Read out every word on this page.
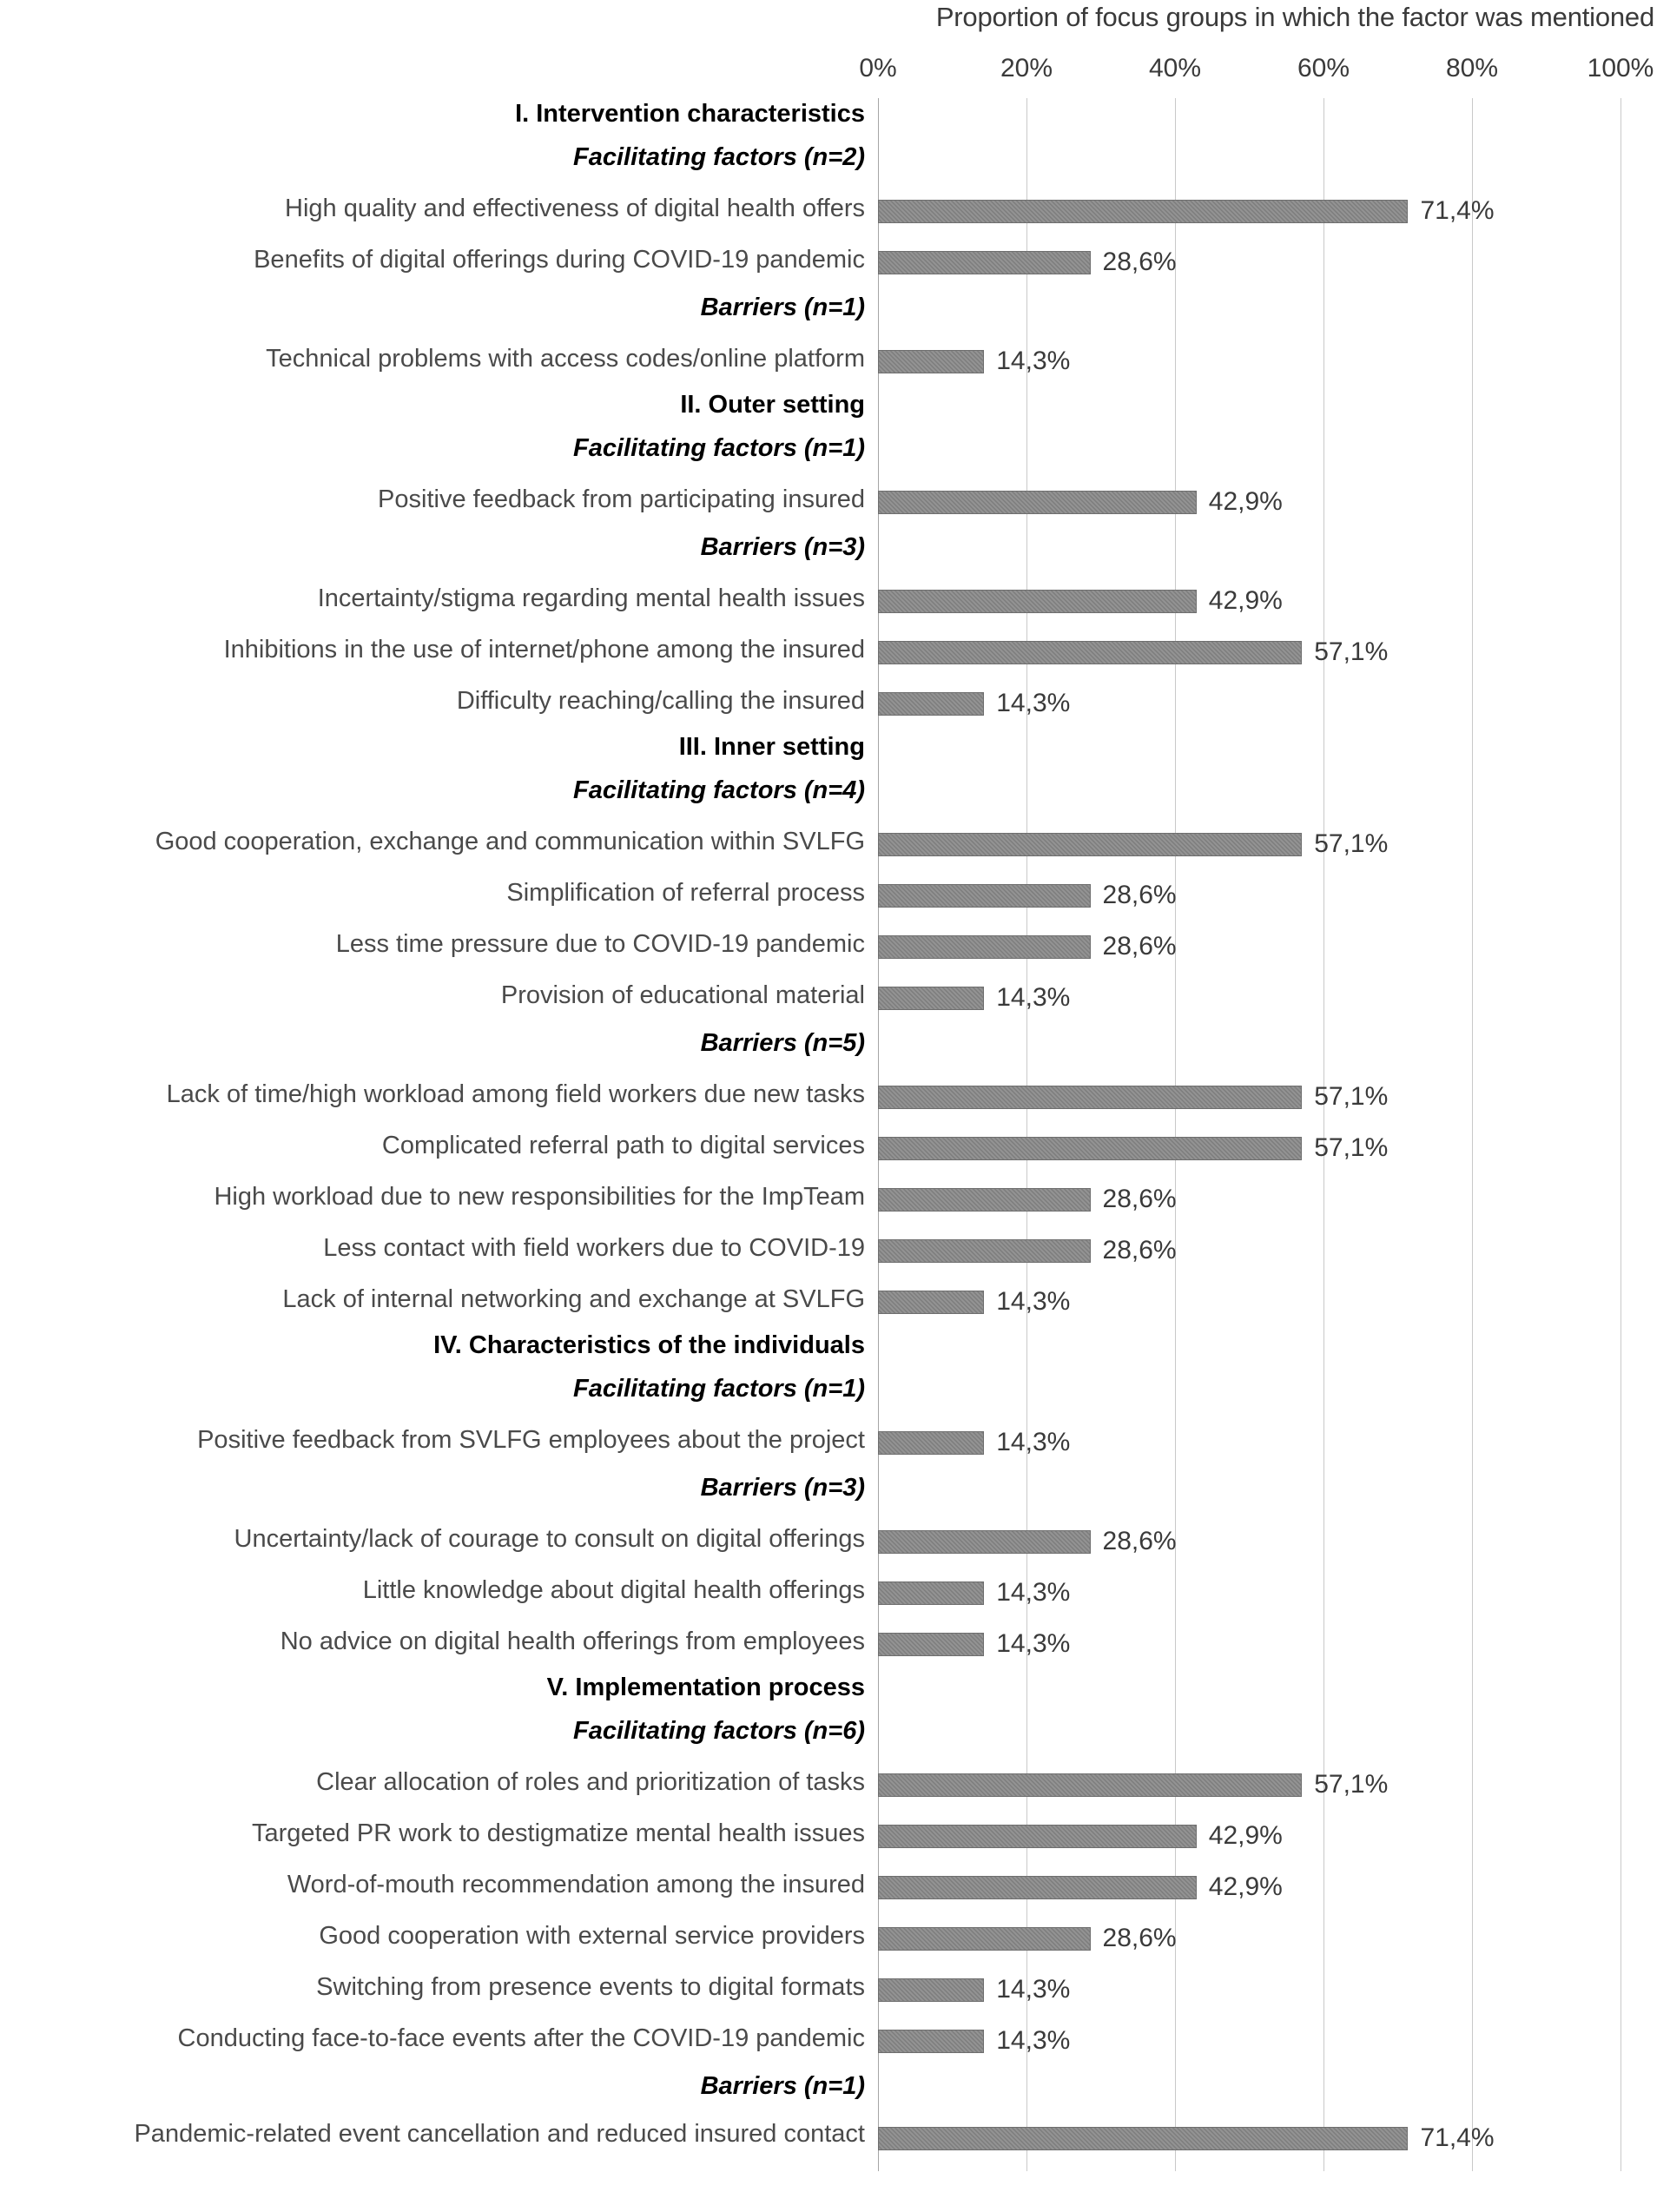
Proportion of focus groups in which the factor was mentioned
0%	20%	40%	60%	80%	100%
I. Intervention characteristics
Facilitating factors (n=2)
High quality and effectiveness of digital health offers	71,4%
Benefits of digital offerings during COVID-19 pandemic	28,6%
Barriers (n=1)
Technical problems with access codes/online platform	14,3%
II. Outer setting
Facilitating factors (n=1)
Positive feedback from participating insured	42,9%
Barriers (n=3)
Incertainty/stigma regarding mental health issues	42,9%
Inhibitions in the use of internet/phone among the insured	57,1%
Difficulty reaching/calling the insured	14,3%
III. Inner setting
Facilitating factors (n=4)
Good cooperation, exchange and communication within SVLFG	57,1%
Simplification of referral process	28,6%
Less time pressure due to COVID-19 pandemic	28,6%
Provision of educational material	14,3%
Barriers (n=5)
Lack of time/high workload among field workers due new tasks	57,1%
Complicated referral path to digital services	57,1%
High workload due to new responsibilities for the ImpTeam	28,6%
Less contact with field workers due to COVID-19	28,6%
Lack of internal networking and exchange at SVLFG	14,3%
IV. Characteristics of the individuals
Facilitating factors (n=1)
Positive feedback from SVLFG employees about the project	14,3%
Barriers (n=3)
Uncertainty/lack of courage to consult on digital offerings	28,6%
Little knowledge about digital health offerings	14,3%
No advice on digital health offerings from employees	14,3%
V. Implementation process
Facilitating factors (n=6)
Clear allocation of roles and prioritization of tasks	57,1%
Targeted PR work to destigmatize mental health issues	42,9%
Word-of-mouth recommendation among the insured	42,9%
Good cooperation with external service providers	28,6%
Switching from presence events to digital formats	14,3%
Conducting face-to-face events after the COVID-19 pandemic	14,3%
Barriers (n=1)
Pandemic-related event cancellation and reduced insured contact	71,4%
